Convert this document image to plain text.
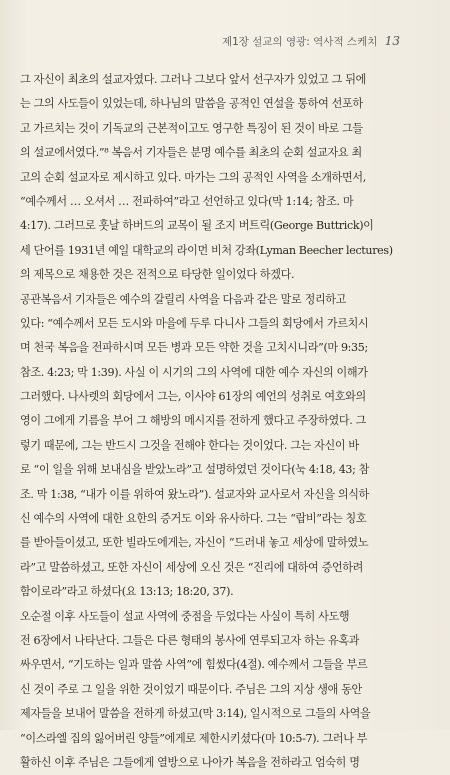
제1장 설교의 영광: 역사적 스케치 13
그 자신이 최초의 설교자였다. 그러나 그보다 앞서 선구자가 있었고 그 뒤에
는 그의 사도들이 있었는데, 하나님의 말씀을 공적인 연설을 통하여 선포하
고 가르치는 것이 기독교의 근본적이고도 영구한 특징이 된 것이 바로 그들
의 설교에서였다.”⁸ 복음서 기자들은 분명 예수를 최초의 순회 설교자요 최
고의 순회 설교자로 제시하고 있다. 마가는 그의 공적인 사역을 소개하면서,
“예수께서 … 오셔서 … 전파하여”라고 선언하고 있다(막 1:14; 참조. 마
4:17). 그러므로 훗날 하버드의 교목이 될 조지 버트릭(George Buttrick)이
세 단어를 1931년 예일 대학교의 라이먼 비처 강좌(Lyman Beecher lectures)
의 제목으로 채용한 것은 전적으로 타당한 일이었다 하겠다.
공관복음서 기자들은 예수의 갈릴리 사역을 다음과 같은 말로 정리하고
있다: “예수께서 모든 도시와 마을에 두루 다니사 그들의 회당에서 가르치시
며 천국 복음을 전파하시며 모든 병과 모든 약한 것을 고치시니라”(마 9:35;
참조. 4:23; 막 1:39). 사실 이 시기의 그의 사역에 대한 예수 자신의 이해가
그러했다. 나사렛의 회당에서 그는, 이사야 61장의 예언의 성취로 여호와의
영이 그에게 기름을 부어 그 해방의 메시지를 전하게 했다고 주장하였다. 그
렇기 때문에, 그는 반드시 그것을 전해야 한다는 것이었다. 그는 자신이 바
로 “이 일을 위해 보내심을 받았노라”고 설명하였던 것이다(눅 4:18, 43; 참
조. 막 1:38, “내가 이를 위하여 왔노라”). 설교자와 교사로서 자신을 의식하
신 예수의 사역에 대한 요한의 증거도 이와 유사하다. 그는 “랍비”라는 칭호
를 받아들이셨고, 또한 빌라도에게는, 자신이 “드러내 놓고 세상에 말하였노
라”고 말씀하셨고, 또한 자신이 세상에 오신 것은 “진리에 대하여 증언하려
함이로라”라고 하셨다(요 13:13; 18:20, 37).
오순절 이후 사도들이 설교 사역에 중점을 두었다는 사실이 특히 사도행
전 6장에서 나타난다. 그들은 다른 형태의 봉사에 연루되고자 하는 유혹과
싸우면서, “기도하는 일과 말씀 사역”에 힘썼다(4절). 예수께서 그들을 부르
신 것이 주로 그 일을 위한 것이었기 때문이다. 주님은 그의 지상 생애 동안
제자들을 보내어 말씀을 전하게 하셨고(막 3:14), 일시적으로 그들의 사역을
“이스라엘 집의 잃어버린 양들”에게로 제한시키셨다(마 10:5-7). 그러나 부
활하신 이후 주님은 그들에게 열방으로 나아가 복음을 전하라고 엄숙히 명
